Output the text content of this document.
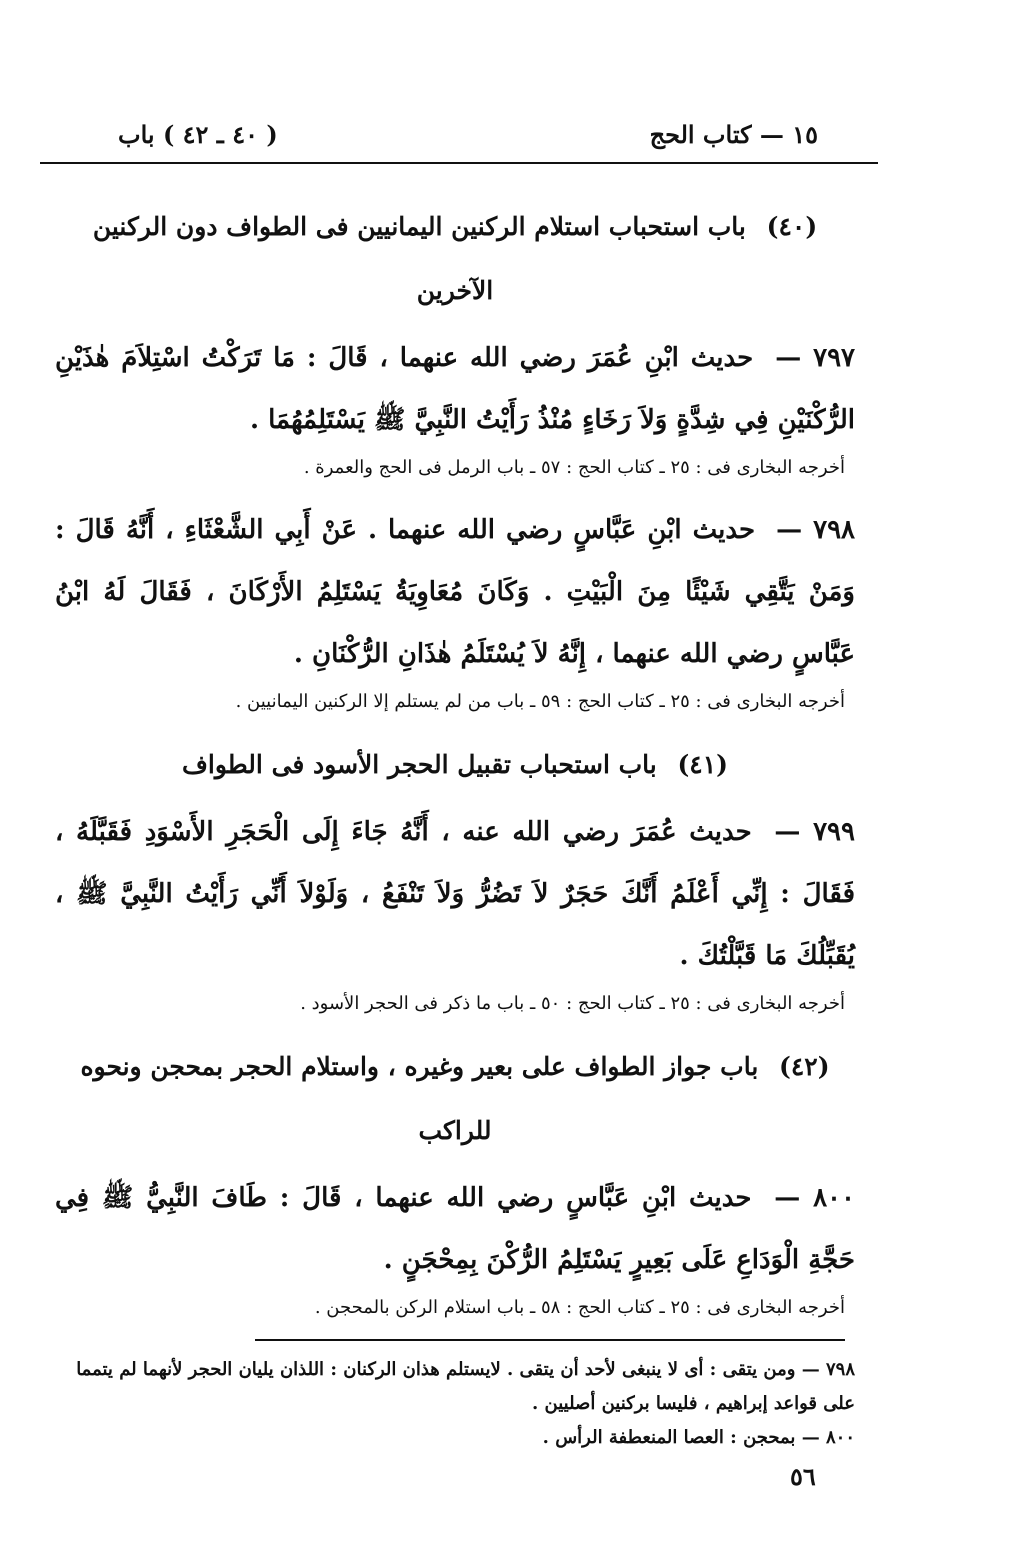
١٥ — كتاب الحج
( ٤٠ ـ ٤٢ ) باب

(٤٠) باب استحباب استلام الركنين اليمانيين فى الطواف دون الركنين الآخرين

٧٩٧ — حديث ابْنِ عُمَرَ رضي الله عنهما ، قَالَ : مَا تَرَكْتُ اسْتِلاَمَ هٰذَيْنِ الرُّكْنَيْنِ فِي شِدَّةٍ وَلاَ رَخَاءٍ مُنْذُ رَأَيْتُ النَّبِيَّ ﷺ يَسْتَلِمُهُمَا .

أخرجه البخارى فى : ٢٥ ـ كتاب الحج : ٥٧ ـ باب الرمل فى الحج والعمرة .

٧٩٨ — حديث ابْنِ عَبَّاسٍ رضي الله عنهما . عَنْ أَبِي الشَّعْثَاءِ ، أَنَّهُ قَالَ : وَمَنْ يَتَّقِي شَيْئًا مِنَ الْبَيْتِ . وَكَانَ مُعَاوِيَةُ يَسْتَلِمُ الأَرْكَانَ ، فَقَالَ لَهُ ابْنُ عَبَّاسٍ رضي الله عنهما ، إِنَّهُ لاَ يُسْتَلَمُ هٰذَانِ الرُّكْنَانِ .

أخرجه البخارى فى : ٢٥ ـ كتاب الحج : ٥٩ ـ باب من لم يستلم إلا الركنين اليمانيين .

(٤١) باب استحباب تقبيل الحجر الأسود فى الطواف

٧٩٩ — حديث عُمَرَ رضي الله عنه ، أَنَّهُ جَاءَ إِلَى الْحَجَرِ الأَسْوَدِ فَقَبَّلَهُ ، فَقَالَ : إِنِّي أَعْلَمُ أَنَّكَ حَجَرٌ لاَ تَضُرُّ وَلاَ تَنْفَعُ ، وَلَوْلاَ أَنِّي رَأَيْتُ النَّبِيَّ ﷺ ، يُقَبِّلُكَ مَا قَبَّلْتُكَ .

أخرجه البخارى فى : ٢٥ ـ كتاب الحج : ٥٠ ـ باب ما ذكر فى الحجر الأسود .

(٤٢) باب جواز الطواف على بعير وغيره ، واستلام الحجر بمحجن ونحوه للراكب

٨٠٠ — حديث ابْنِ عَبَّاسٍ رضي الله عنهما ، قَالَ : طَافَ النَّبِيُّ ﷺ فِي حَجَّةِ الْوَدَاعِ عَلَى بَعِيرٍ يَسْتَلِمُ الرُّكْنَ بِمِحْجَنٍ .

أخرجه البخارى فى : ٢٥ ـ كتاب الحج : ٥٨ ـ باب استلام الركن بالمحجن .

٧٩٨ — ومن يتقى : أى لا ينبغى لأحد أن يتقى . لايستلم هذان الركنان : اللذان يليان الحجر لأنهما لم يتمما على قواعد إبراهيم ، فليسا بركنين أصليين .

٨٠٠ — بمحجن : العصا المنعطفة الرأس .

٥٦
